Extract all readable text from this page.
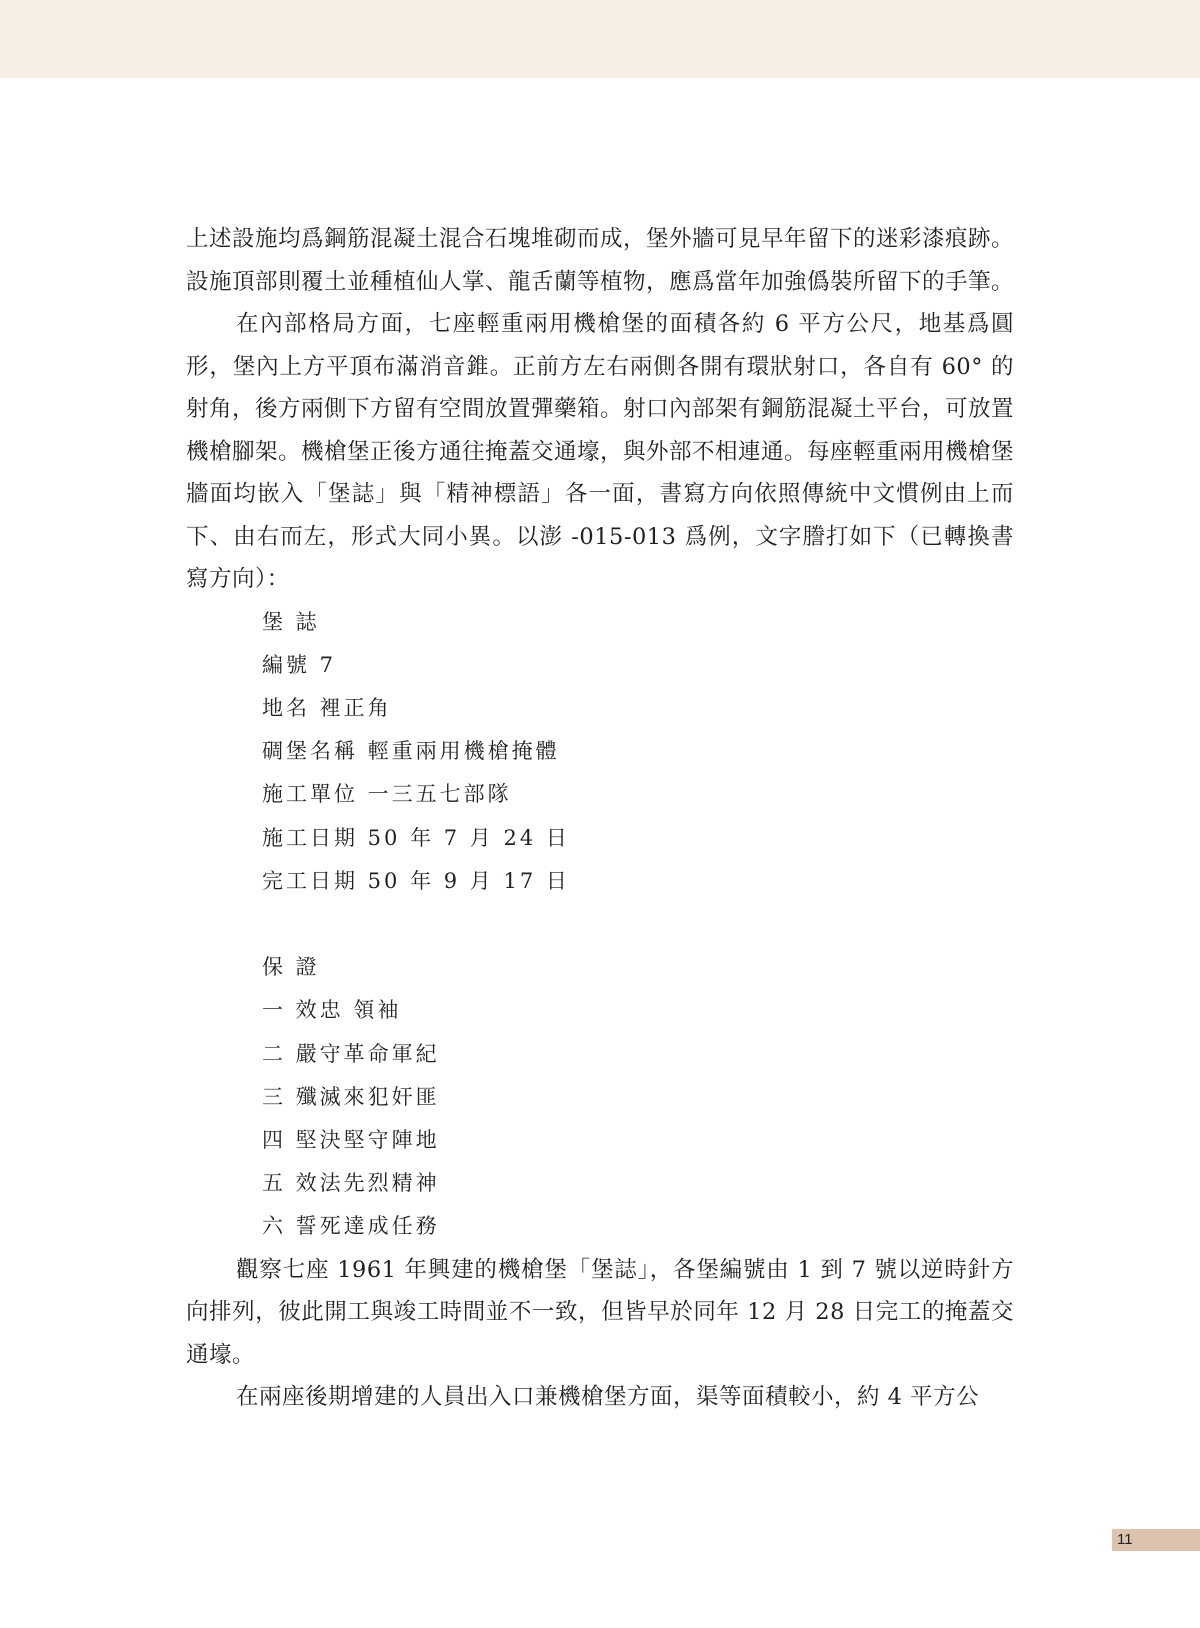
上述設施均爲鋼筋混凝土混合石塊堆砌而成，堡外牆可見早年留下的迷彩漆痕跡。設施頂部則覆土並種植仙人掌、龍舌蘭等植物，應爲當年加強僞裝所留下的手筆。

在內部格局方面，七座輕重兩用機槍堡的面積各約 6 平方公尺，地基爲圓形，堡內上方平頂布滿消音錐。正前方左右兩側各開有環狀射口，各自有 60° 的射角，後方兩側下方留有空間放置彈藥箱。射口內部架有鋼筋混凝土平台，可放置機槍腳架。機槍堡正後方通往掩蓋交通壕，與外部不相連通。每座輕重兩用機槍堡牆面均嵌入「堡誌」與「精神標語」各一面，書寫方向依照傳統中文慣例由上而下、由右而左，形式大同小異。以澎 -015-013 爲例，文字謄打如下（已轉換書寫方向）：

堡 誌

編號 7

地名 裡正角

碉堡名稱 輕重兩用機槍掩體

施工單位 一三五七部隊

施工日期 50 年 7 月 24 日

完工日期 50 年 9 月 17 日

保 證

一 效忠 領袖

二 嚴守革命軍紀

三 殲滅來犯奸匪

四 堅決堅守陣地

五 效法先烈精神

六 誓死達成任務

觀察七座 1961 年興建的機槍堡「堡誌」，各堡編號由 1 到 7 號以逆時針方向排列，彼此開工與竣工時間並不一致，但皆早於同年 12 月 28 日完工的掩蓋交通壕。

在兩座後期增建的人員出入口兼機槍堡方面，渠等面積較小，約 4 平方公

11
